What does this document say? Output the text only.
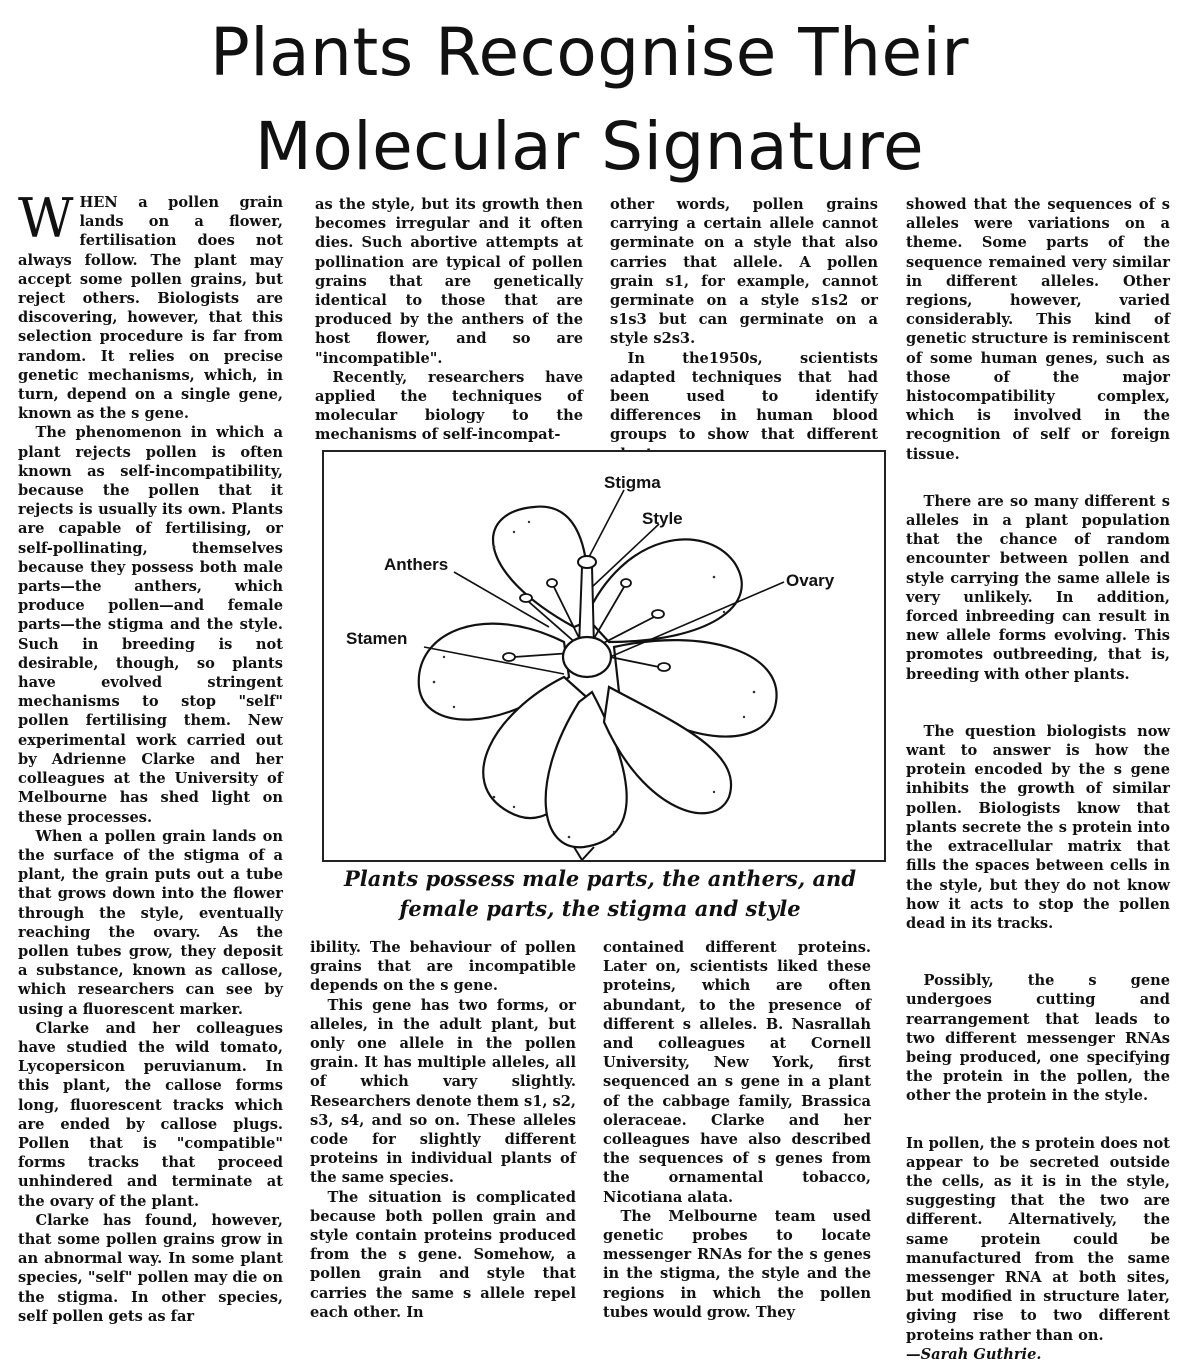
Plants Recognise Their
Molecular Signature

WHEN a pollen grain lands on a flower, fertilisation does not always follow. The plant may accept some pollen grains, but reject others. Biologists are discovering, however, that this selection procedure is far from random. It relies on precise genetic mechanisms, which, in turn, depend on a single gene, known as the s gene.

The phenomenon in which a plant rejects pollen is often known as self-incompatibility, because the pollen that it rejects is usually its own. Plants are capable of fertilising, or self-pollinating, themselves because they possess both male parts—the anthers, which produce pollen—and female parts—the stigma and the style. Such in breeding is not desirable, though, so plants have evolved stringent mechanisms to stop "self" pollen fertilising them. New experimental work carried out by Adrienne Clarke and her colleagues at the University of Melbourne has shed light on these processes.

When a pollen grain lands on the surface of the stigma of a plant, the grain puts out a tube that grows down into the flower through the style, eventually reaching the ovary. As the pollen tubes grow, they deposit a substance, known as callose, which researchers can see by using a fluorescent marker.

Clarke and her colleagues have studied the wild tomato, Lycopersicon peruvianum. In this plant, the callose forms long, fluorescent tracks which are ended by callose plugs. Pollen that is "compatible" forms tracks that proceed unhindered and terminate at the ovary of the plant.

Clarke has found, however, that some pollen grains grow in an abnormal way. In some plant species, "self" pollen may die on the stigma. In other species, self pollen gets as far

as the style, but its growth then becomes irregular and it often dies. Such abortive attempts at pollination are typical of pollen grains that are genetically identical to those that are produced by the anthers of the host flower, and so are "incompatible".

Recently, researchers have applied the techniques of molecular biology to the mechanisms of self-incompat-

other words, pollen grains carrying a certain allele cannot germinate on a style that also carries that allele. A pollen grain s1, for example, cannot germinate on a style s1s2 or s1s3 but can germinate on a style s2s3.

In the1950s, scientists adapted techniques that had been used to identify differences in human blood groups to show that different

Stigma
Style
Anthers
Ovary
Stamen
Plants possess male parts, the anthers, and
female parts, the stigma and style

ibility. The behaviour of pollen grains that are incompatible depends on the s gene.

This gene has two forms, or alleles, in the adult plant, but only one allele in the pollen grain. It has multiple alleles, all of which vary slightly. Researchers denote them s1, s2, s3, s4, and so on. These alleles code for slightly different proteins in individual plants of the same species.

The situation is complicated because both pollen grain and style contain proteins produced from the s gene. Somehow, a pollen grain and style that carries the same s allele repel each other. In

contained different proteins. Later on, scientists liked these proteins, which are often abundant, to the presence of different s alleles. B. Nasrallah and colleagues at Cornell University, New York, first sequenced an s gene in a plant of the cabbage family, Brassica oleraceae. Clarke and her colleagues have also described the sequences of s genes from the ornamental tobacco, Nicotiana alata.

The Melbourne team used genetic probes to locate messenger RNAs for the s genes in the stigma, the style and the regions in which the pollen tubes would grow. They

showed that the sequences of s alleles were variations on a theme. Some parts of the sequence remained very similar in different alleles. Other regions, however, varied considerably. This kind of genetic structure is reminiscent of some human genes, such as those of the major histocompatibility complex, which is involved in the recognition of self or foreign tissue.

There are so many different s alleles in a plant population that the chance of random encounter between pollen and style carrying the same allele is very unlikely. In addition, forced inbreeding can result in new allele forms evolving. This promotes outbreeding, that is, breeding with other plants.

The question biologists now want to answer is how the protein encoded by the s gene inhibits the growth of similar pollen. Biologists know that plants secrete the s protein into the extracellular matrix that fills the spaces between cells in the style, but they do not know how it acts to stop the pollen dead in its tracks.

Possibly, the s gene undergoes cutting and rearrangement that leads to two different messenger RNAs being produced, one specifying the protein in the pollen, the other the protein in the style.

In pollen, the s protein does not appear to be secreted outside the cells, as it is in the style, suggesting that the two are different. Alternatively, the same protein could be manufactured from the same messenger RNA at both sites, but modified in structure later, giving rise to two different proteins rather than on.

—Sarah Guthrie.
